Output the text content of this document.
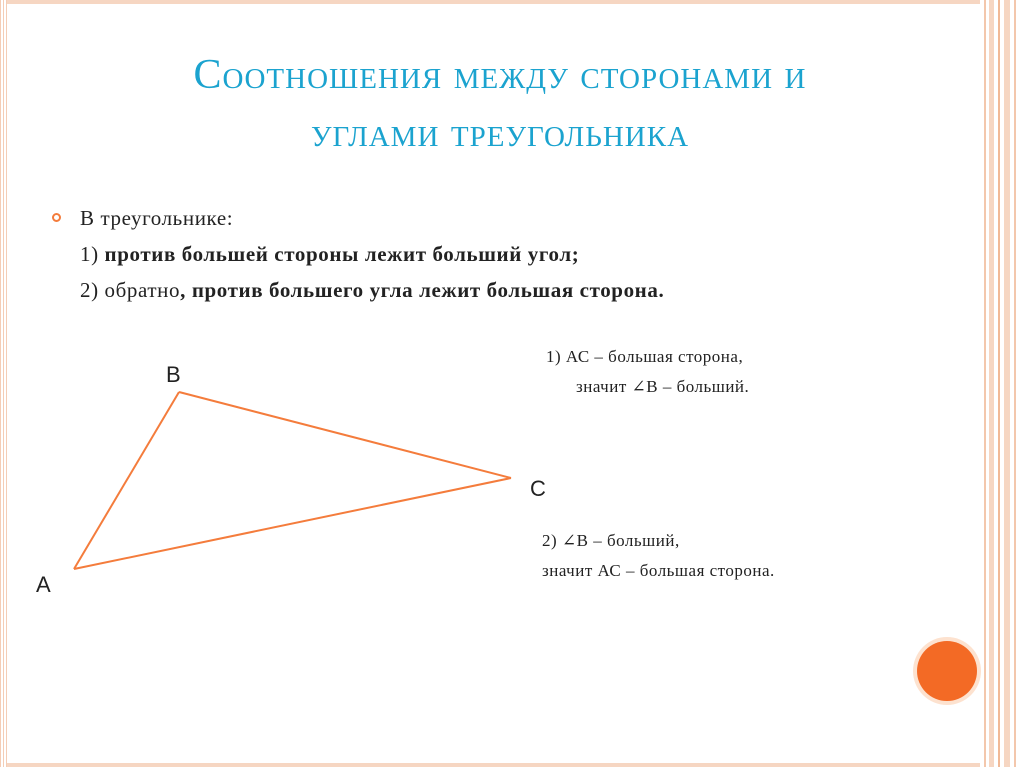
Соотношения между сторонами и
углами треугольника
В треугольнике:
1) против большей стороны лежит больший угол;
2) обратно, против большего угла лежит большая сторона.
B
C
A
1) АС – большая сторона,
значит ∠В – больший.
2) ∠В – больший,
значит АС – большая сторона.
